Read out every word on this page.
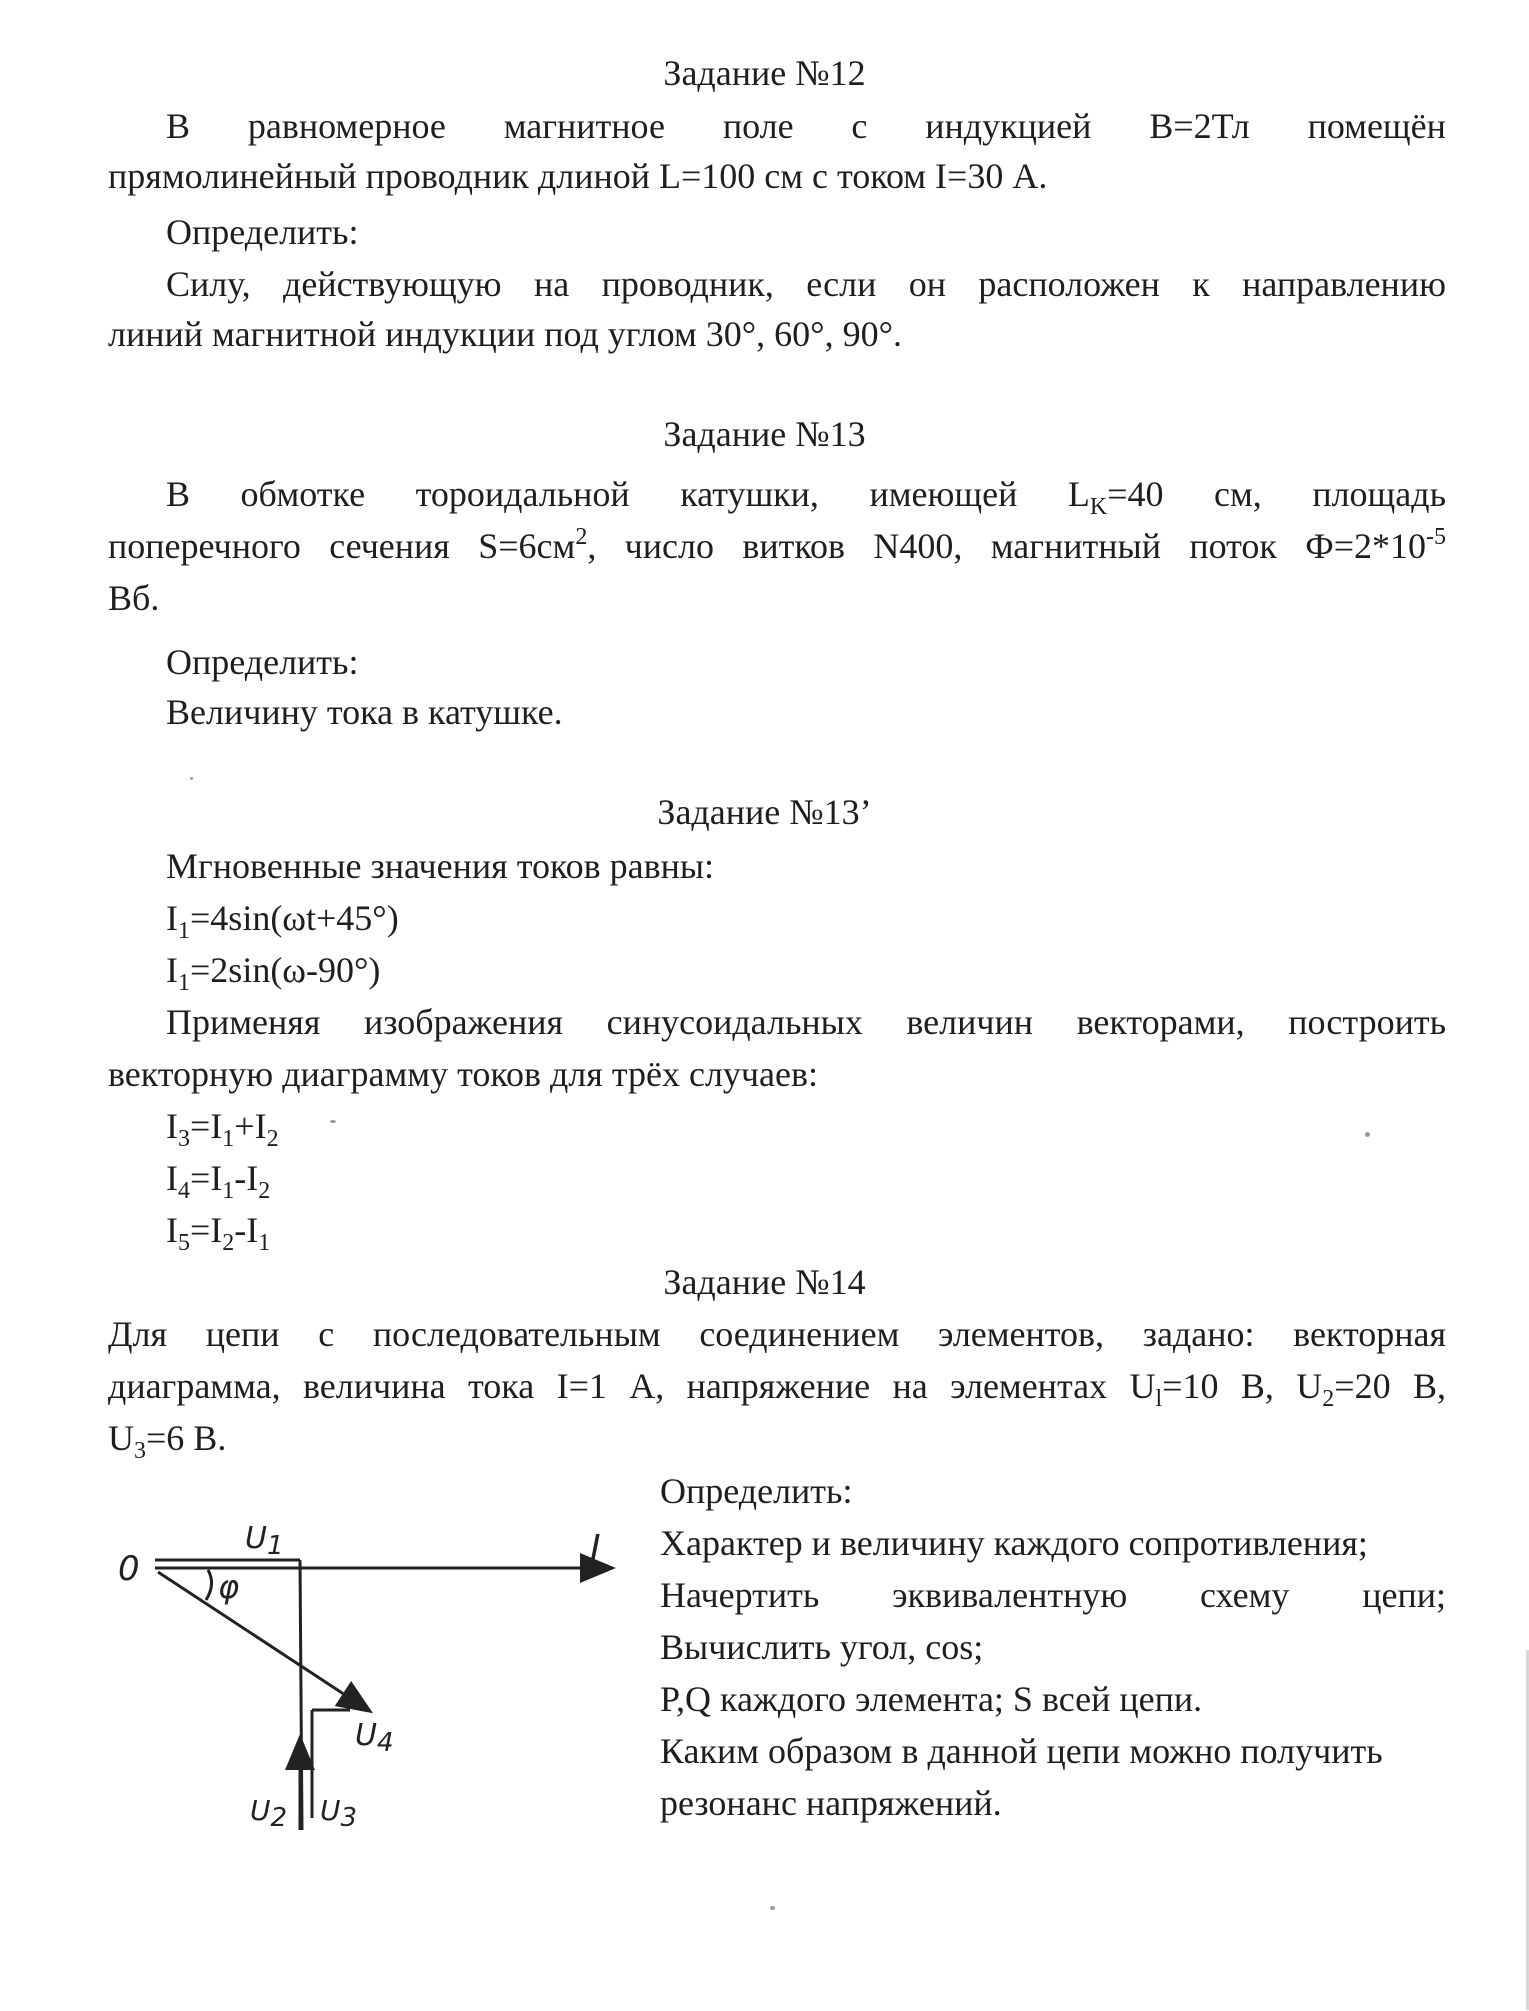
Задание №12
В равномерное магнитное поле с индукцией B=2Тл помещён
прямолинейный проводник длиной L=100 см с током I=30 А.
Определить:
Силу, действующую на проводник, если он расположен к направлению
линий магнитной индукции под углом 30°, 60°, 90°.
Задание №13
В обмотке тороидальной катушки, имеющей $L_K=40$ см, площадь
поперечного сечения $S=6см^2$, число витков N400, магнитный поток $Ф=2*10^{-5}$
Вб.
Определить:
Величину тока в катушке.
Задание №13’
Мгновенные значения токов равны:
$I_1=4\sin(\omega t+45^\circ)$
$I_1=2\sin(\omega-90^\circ)$
Применяя изображения синусоидальных величин векторами, построить
векторную диаграмму токов для трёх случаев:
$I_3=I_1+I_2$
$I_4=I_1-I_2$
$I_5=I_2-I_1$
Задание №14
Для цепи с последовательным соединением элементов, задано: векторная
диаграмма, величина тока I=1 А, напряжение на элементах $U_l=10$ В, $U_2=20$ В,
$U_3=6$ В.
Определить:
Характер и величину каждого сопротивления;
Начертить эквивалентную схему цепи;
Вычислить угол, cos;
P,Q каждого элемента; S всей цепи.
Каким образом в данной цепи можно получить
резонанс напряжений.
0
U1	I
φ
U4
U2 U3
